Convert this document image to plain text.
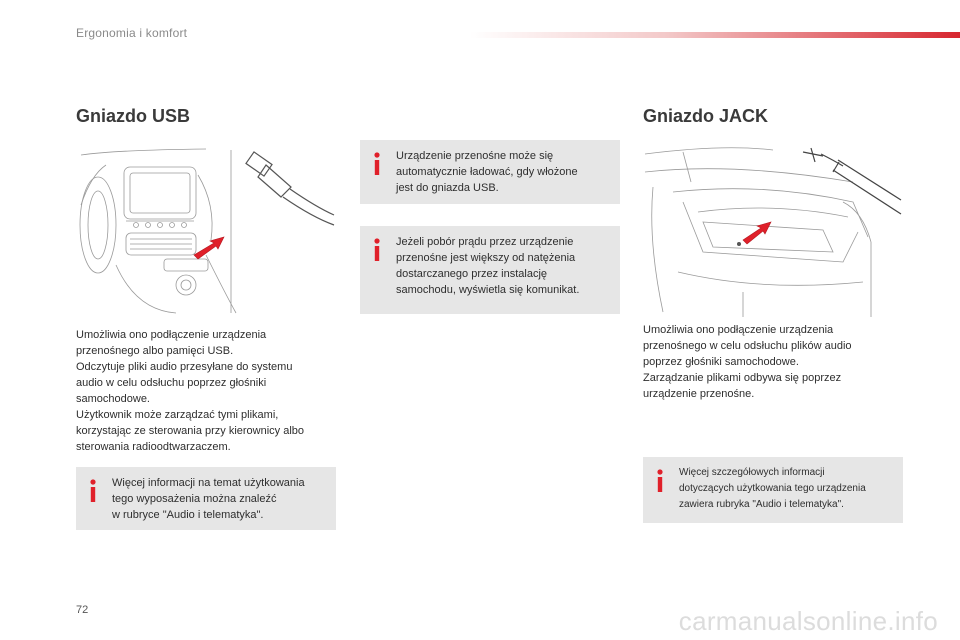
Ergonomia i komfort
Gniazdo USB

Umożliwia ono podłączenie urządzenia

przenośnego albo pamięci USB.

Odczytuje pliki audio przesyłane do systemu

audio w celu odsłuchu poprzez głośniki

samochodowe.

Użytkownik może zarządzać tymi plikami,

korzystając ze sterowania przy kierownicy albo

sterowania radioodtwarzaczem.

Więcej informacji na temat użytkowania
tego wyposażenia można znaleźć
w rubryce "Audio i telematyka".
Urządzenie przenośne może się
automatycznie ładować, gdy włożone
jest do gniazda USB.
Jeżeli pobór prądu przez urządzenie
przenośne jest większy od natężenia
dostarczanego przez instalację
samochodu, wyświetla się komunikat.
Gniazdo JACK

Umożliwia ono podłączenie urządzenia

przenośnego w celu odsłuchu plików audio

poprzez głośniki samochodowe.

Zarządzanie plikami odbywa się poprzez

urządzenie przenośne.

Więcej szczegółowych informacji
dotyczących użytkowania tego urządzenia
zawiera rubryka "Audio i telematyka".
72	carmanualsonline.info
